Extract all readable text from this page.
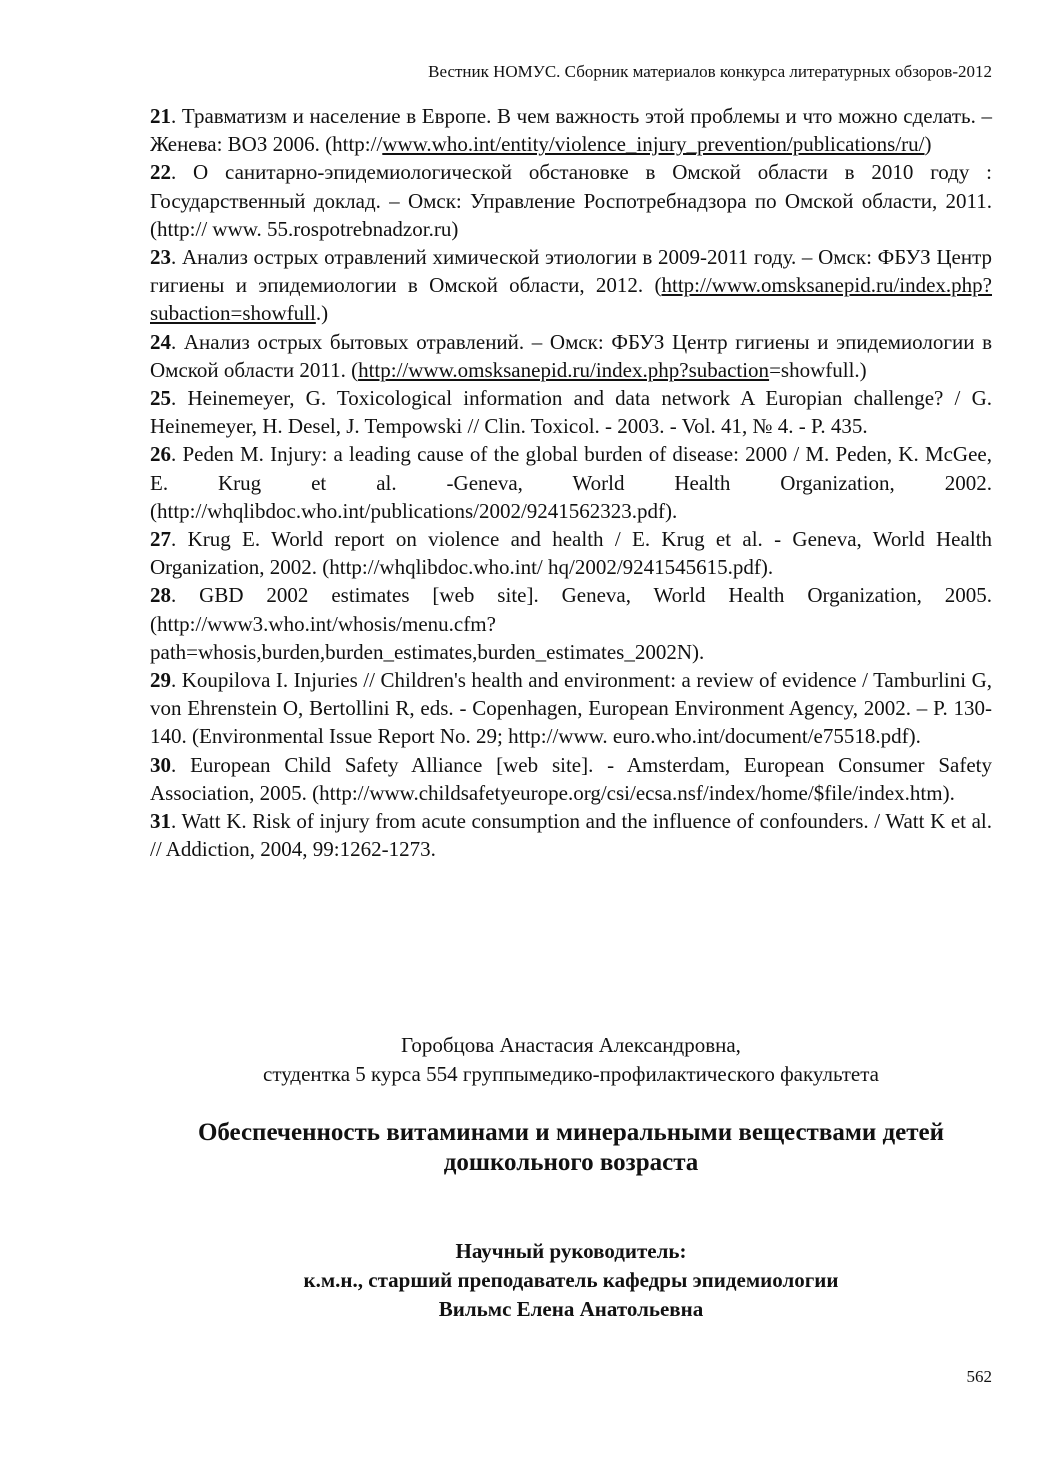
Вестник НОМУС. Сборник материалов конкурса литературных обзоров-2012

21. Травматизм и население в Европе. В чем важность этой проблемы и что можно сделать. – Женева: ВОЗ 2006. (http://www.who.int/entity/violence_injury_prevention/publications/ru/)

22. О санитарно-эпидемиологической обстановке в Омской области в 2010 году : Государственный доклад. – Омск: Управление Роспотребнадзора по Омской области, 2011. (http:// www. 55.rospotrebnadzor.ru)

23. Анализ острых отравлений химической этиологии в 2009-2011 году. – Омск: ФБУЗ Центр гигиены и эпидемиологии в Омской области, 2012. (http://www.omsksanepid.ru/index.php?subaction=showfull.)

24. Анализ острых бытовых отравлений. – Омск: ФБУЗ Центр гигиены и эпидемиологии в Омской области 2011. (http://www.omsksanepid.ru/index.php?subaction=showfull.)

25. Heinemeyer, G. Toxicological information and data network A Europian challenge? / G. Heinemeyer, H. Desel, J. Tempowski // Clin. Toxicol. - 2003. - Vol. 41, № 4. - P. 435.

26. Peden M. Injury: a leading cause of the global burden of disease: 2000 / M. Peden, K. McGee, E. Krug et al. -Geneva, World Health Organization, 2002. (http://whqlibdoc.who.int/publications/2002/9241562323.pdf).

27. Krug E. World report on violence and health / E. Krug et al. - Geneva, World Health Organization, 2002. (http://whqlibdoc.who.int/ hq/2002/9241545615.pdf).

28. GBD 2002 estimates [web site]. Geneva, World Health Organization, 2005. (http://www3.who.int/whosis/menu.cfm?path=whosis,burden,burden_estimates,burden_estimates_2002N).

29. Koupilova I. Injuries // Children's health and environment: a review of evidence / Tamburlini G, von Ehrenstein O, Bertollini R, eds. - Copenhagen, European Environment Agency, 2002. – P. 130-140. (Environmental Issue Report No. 29; http://www. euro.who.int/document/e75518.pdf).

30. European Child Safety Alliance [web site]. - Amsterdam, European Consumer Safety Association, 2005. (http://www.childsafetyeurope.org/csi/ecsa.nsf/index/home/$file/index.htm).

31. Watt K. Risk of injury from acute consumption and the influence of confounders. / Watt K et al. // Addiction, 2004, 99:1262-1273.

Горобцова Анастасия Александровна,
студентка 5 курса 554 группымедико-профилактического факультета
Обеспеченность витаминами и минеральными веществами детей дошкольного возраста
Научный руководитель:
к.м.н., старший преподаватель кафедры эпидемиологии
Вильмс Елена Анатольевна
562
